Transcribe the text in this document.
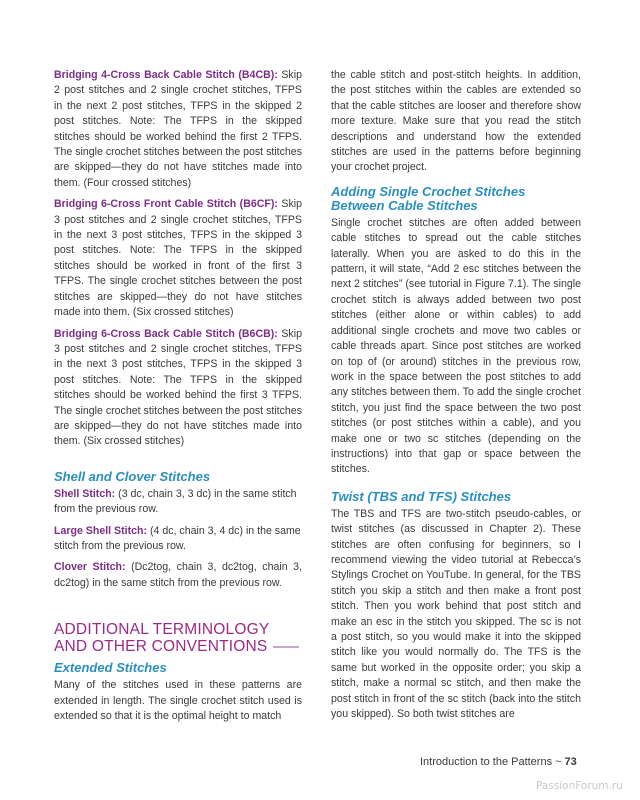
Bridging 4-Cross Back Cable Stitch (B4CB): Skip 2 post stitches and 2 single crochet stitches, TFPS in the next 2 post stitches, TFPS in the skipped 2 post stitches. Note: The TFPS in the skipped stitches should be worked behind the first 2 TFPS. The single crochet stitches between the post stitches are skipped—they do not have stitches made into them. (Four crossed stitches)

Bridging 6-Cross Front Cable Stitch (B6CF): Skip 3 post stitches and 2 single crochet stitches, TFPS in the next 3 post stitches, TFPS in the skipped 3 post stitches. Note: The TFPS in the skipped stitches should be worked in front of the first 3 TFPS. The single crochet stitches between the post stitches are skipped—they do not have stitches made into them. (Six crossed stitches)

Bridging 6-Cross Back Cable Stitch (B6CB): Skip 3 post stitches and 2 single crochet stitches, TFPS in the next 3 post stitches, TFPS in the skipped 3 post stitches. Note: The TFPS in the skipped stitches should be worked behind the first 3 TFPS. The single crochet stitches between the post stitches are skipped—they do not have stitches made into them. (Six crossed stitches)

Shell and Clover Stitches

Shell Stitch: (3 dc, chain 3, 3 dc) in the same stitch from the previous row.

Large Shell Stitch: (4 dc, chain 3, 4 dc) in the same stitch from the previous row.

Clover Stitch: (Dc2tog, chain 3, dc2tog, chain 3, dc2tog) in the same stitch from the previous row.

ADDITIONAL TERMINOLOGY
AND OTHER CONVENTIONS
Extended Stitches

Many of the stitches used in these patterns are extended in length. The single crochet stitch used is extended so that it is the optimal height to match

the cable stitch and post-stitch heights. In addition, the post stitches within the cables are extended so that the cable stitches are looser and therefore show more texture. Make sure that you read the stitch descriptions and understand how the extended stitches are used in the patterns before beginning your crochet project.

Adding Single Crochet Stitches
Between Cable Stitches

Single crochet stitches are often added between cable stitches to spread out the cable stitches laterally. When you are asked to do this in the pattern, it will state, “Add 2 esc stitches between the next 2 stitches” (see tutorial in Figure 7.1). The single crochet stitch is always added between two post stitches (either alone or within cables) to add additional single crochets and move two cables or cable threads apart. Since post stitches are worked on top of (or around) stitches in the previous row, work in the space between the post stitches to add any stitches between them. To add the single crochet stitch, you just find the space between the two post stitches (or post stitches within a cable), and you make one or two sc stitches (depending on the instructions) into that gap or space between the stitches.

Twist (TBS and TFS) Stitches

The TBS and TFS are two-stitch pseudo-cables, or twist stitches (as discussed in Chapter 2). These stitches are often confusing for beginners, so I recommend viewing the video tutorial at Rebecca’s Stylings Crochet on YouTube. In general, for the TBS stitch you skip a stitch and then make a front post stitch. Then you work behind that post stitch and make an esc in the stitch you skipped. The sc is not a post stitch, so you would make it into the skipped stitch like you would normally do. The TFS is the same but worked in the opposite order; you skip a stitch, make a normal sc stitch, and then make the post stitch in front of the sc stitch (back into the stitch you skipped). So both twist stitches are

Introduction to the Patterns ~ 73
PassionForum.ru
